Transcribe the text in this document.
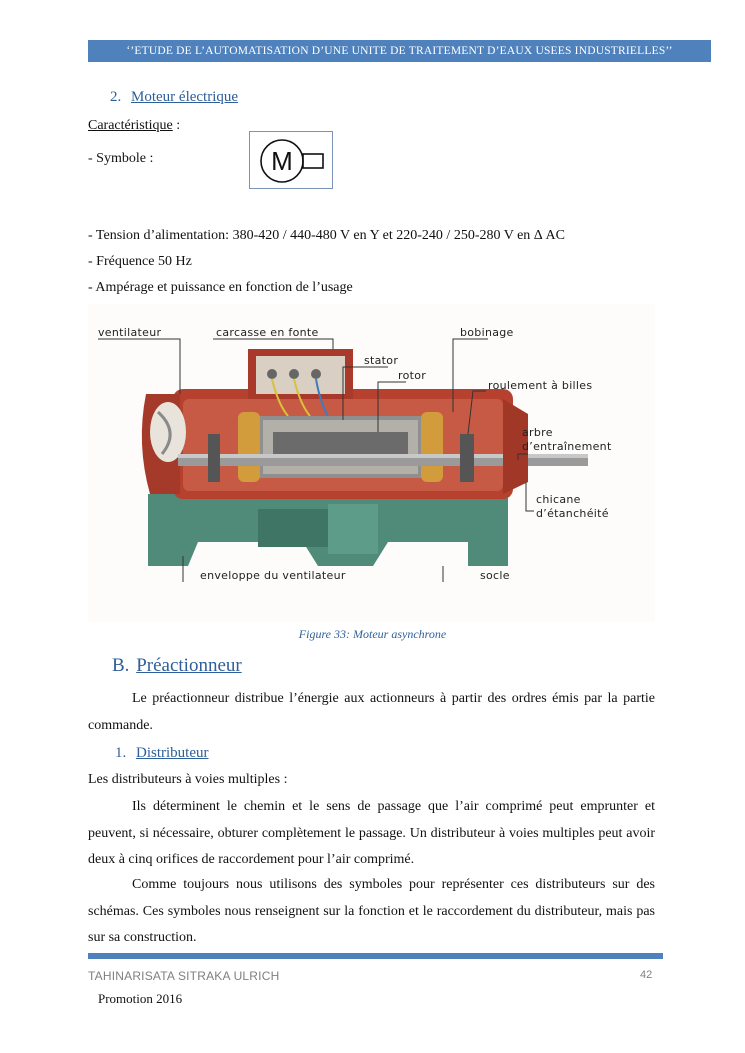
‘’ETUDE DE L’AUTOMATISATION D’UNE UNITE DE TRAITEMENT D’EAUX USEES INDUSTRIELLES’’
2. Moteur électrique
Caractéristique :
- Symbole :	M
- Tension d’alimentation: 380-420 / 440-480 V en Y et 220-240 / 250-280 V en Δ AC
- Fréquence 50 Hz
- Ampérage et puissance en fonction de l’usage
ventilateur	carcasse en fonte	bobinage
stator
rotor
roulement à billes
arbre
d’entraînement
chicane
d’étanchéité
enveloppe du ventilateur	socle
Figure 33: Moteur asynchrone
B. Préactionneur
Le préactionneur distribue l’énergie aux actionneurs à partir des ordres émis par la partie commande.
1. Distributeur
Les distributeurs à voies multiples :
Ils déterminent le chemin et le sens de passage que l’air comprimé peut emprunter et peuvent, si nécessaire, obturer complètement le passage. Un distributeur à voies multiples peut avoir deux à cinq orifices de raccordement pour l’air comprimé.
Comme toujours nous utilisons des symboles pour représenter ces distributeurs sur des schémas. Ces symboles nous renseignent sur la fonction et le raccordement du distributeur, mais pas sur sa construction.
TAHINARISATA SITRAKA ULRICH	42
Promotion 2016
